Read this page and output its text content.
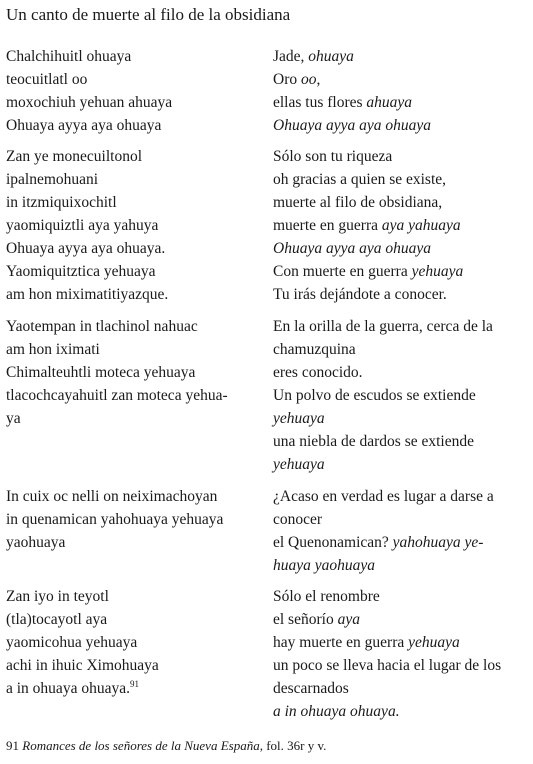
Un canto de muerte al filo de la obsidiana
Chalchihuitl ohuaya
teocuitlatl oo
moxochiuh yehuan ahuaya
Ohuaya ayya aya ohuaya
Jade, ohuaya
Oro oo,
ellas tus flores ahuaya
Ohuaya ayya aya ohuaya
Zan ye monecuiltonol
ipalnemohuani
in itzmiquixochitl
yaomiquiztli aya yahuya
Ohuaya ayya aya ohuaya.
Yaomiquitztica yehuaya
am hon miximatitiyazque.
Sólo son tu riqueza
oh gracias a quien se existe,
muerte al filo de obsidiana,
muerte en guerra aya yahuaya
Ohuaya ayya aya ohuaya
Con muerte en guerra yehuaya
Tu irás dejándote a conocer.
Yaotempan in tlachinol nahuac
am hon iximati
Chimalteuhtli moteca yehuaya
tlacochcayahuitl zan moteca yehua-
ya
En la orilla de la guerra, cerca de la
chamuzquina
eres conocido.
Un polvo de escudos se extiende
yehuaya
una niebla de dardos se extiende
yehuaya
In cuix oc nelli on neiximachoyan
in quenamican yahohuaya yehuaya
yaohuaya
¿Acaso en verdad es lugar a darse a
conocer
el Quenonamican? yahohuaya ye-
huaya yaohuaya
Zan iyo in teyotl
(tla)tocayotl aya
yaomicohua yehuaya
achi in ihuic Ximohuaya
a in ohuaya ohuaya.$^{91}$
Sólo el renombre
el señorío aya
hay muerte en guerra yehuaya
un poco se lleva hacia el lugar de los
descarnados
a in ohuaya ohuaya.
91 Romances de los señores de la Nueva España, fol. 36r y v.
